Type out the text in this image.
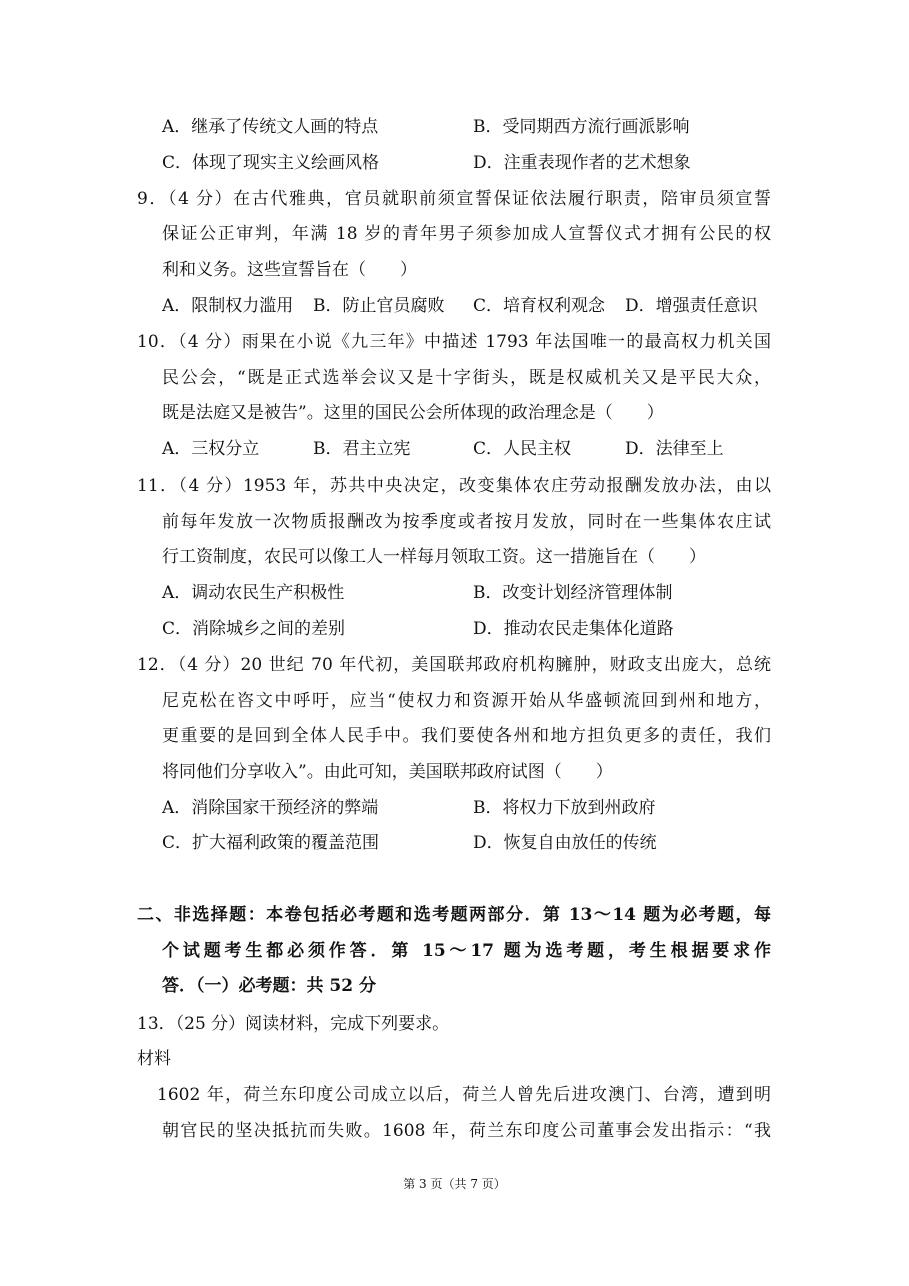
A．继承了传统文人画的特点	B．受同期西方流行画派影响
C．体现了现实主义绘画风格	D．注重表现作者的艺术想象
9．（4 分）在古代雅典，官员就职前须宣誓保证依法履行职责，陪审员须宣誓
保证公正审判，年满 18 岁的青年男子须参加成人宣誓仪式才拥有公民的权
利和义务。这些宣誓旨在（　　）
A．限制权力滥用 B．防止官员腐败 C．培育权利观念 D．增强责任意识
10．（4 分）雨果在小说《九三年》中描述 1793 年法国唯一的最高权力机关国
民公会，“既是正式选举会议又是十字街头，既是权威机关又是平民大众，
既是法庭又是被告”。这里的国民公会所体现的政治理念是（　　）
A．三权分立	B．君主立宪	C．人民主权	D．法律至上
11．（4 分）1953 年，苏共中央决定，改变集体农庄劳动报酬发放办法，由以
前每年发放一次物质报酬改为按季度或者按月发放，同时在一些集体农庄试
行工资制度，农民可以像工人一样每月领取工资。这一措施旨在（　　）
A．调动农民生产积极性	B．改变计划经济管理体制
C．消除城乡之间的差别	D．推动农民走集体化道路
12．（4 分）20 世纪 70 年代初，美国联邦政府机构臃肿，财政支出庞大，总统
尼克松在咨文中呼吁，应当“使权力和资源开始从华盛顿流回到州和地方，
更重要的是回到全体人民手中。我们要使各州和地方担负更多的责任，我们
将同他们分享收入”。由此可知，美国联邦政府试图（　　）
A．消除国家干预经济的弊端	B．将权力下放到州政府
C．扩大福利政策的覆盖范围	D．恢复自由放任的传统
二、非选择题：本卷包括必考题和选考题两部分．第 13～14 题为必考题，每
个试题考生都必须作答．第 15～17 题为选考题，考生根据要求作
答．（一）必考题：共 52 分
13．（25 分）阅读材料，完成下列要求。
材料
1602 年，荷兰东印度公司成立以后，荷兰人曾先后进攻澳门、台湾，遭到明
朝官民的坚决抵抗而失败。1608 年，荷兰东印度公司董事会发出指示：“我
第 3 页（共 7 页）
